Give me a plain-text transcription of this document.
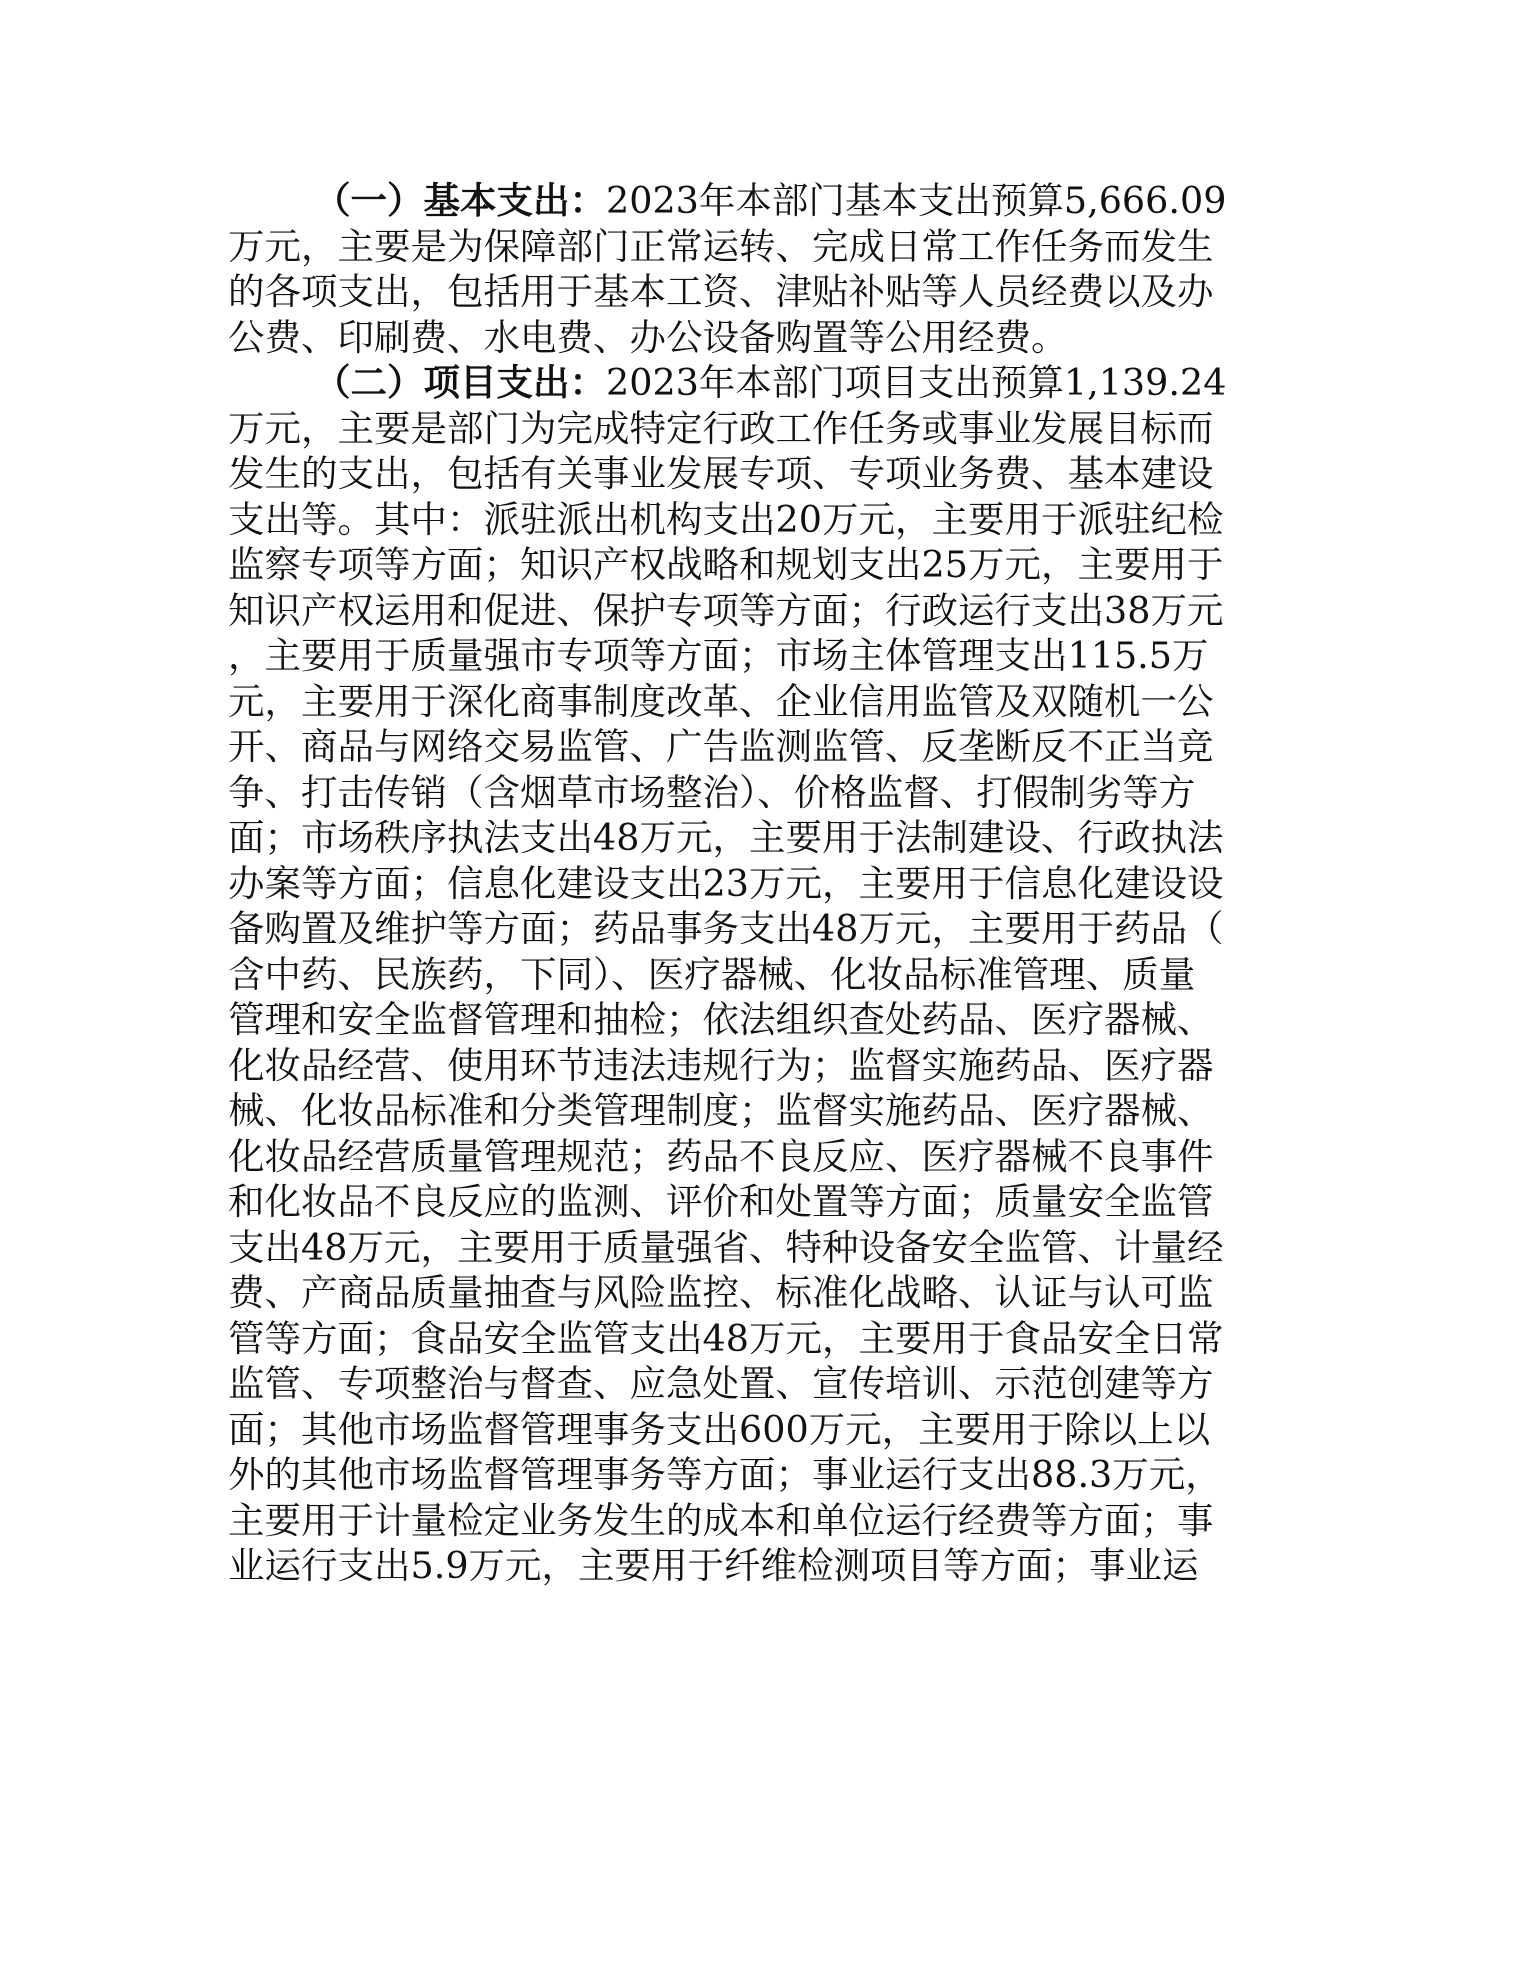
（一）基本支出：2023年本部门基本支出预算5,666.09
万元，主要是为保障部门正常运转、完成日常工作任务而发生
的各项支出，包括用于基本工资、津贴补贴等人员经费以及办
公费、印刷费、水电费、办公设备购置等公用经费。
（二）项目支出：2023年本部门项目支出预算1,139.24
万元，主要是部门为完成特定行政工作任务或事业发展目标而
发生的支出，包括有关事业发展专项、专项业务费、基本建设
支出等。其中：派驻派出机构支出20万元，主要用于派驻纪检
监察专项等方面；知识产权战略和规划支出25万元，主要用于
知识产权运用和促进、保护专项等方面；行政运行支出38万元
，主要用于质量强市专项等方面；市场主体管理支出115.5万
元，主要用于深化商事制度改革、企业信用监管及双随机一公
开、商品与网络交易监管、广告监测监管、反垄断反不正当竞
争、打击传销（含烟草市场整治）、价格监督、打假制劣等方
面；市场秩序执法支出48万元，主要用于法制建设、行政执法
办案等方面；信息化建设支出23万元，主要用于信息化建设设
备购置及维护等方面；药品事务支出48万元，主要用于药品（
含中药、民族药，下同）、医疗器械、化妆品标准管理、质量
管理和安全监督管理和抽检；依法组织查处药品、医疗器械、
化妆品经营、使用环节违法违规行为；监督实施药品、医疗器
械、化妆品标准和分类管理制度；监督实施药品、医疗器械、
化妆品经营质量管理规范；药品不良反应、医疗器械不良事件
和化妆品不良反应的监测、评价和处置等方面；质量安全监管
支出48万元，主要用于质量强省、特种设备安全监管、计量经
费、产商品质量抽查与风险监控、标准化战略、认证与认可监
管等方面；食品安全监管支出48万元，主要用于食品安全日常
监管、专项整治与督查、应急处置、宣传培训、示范创建等方
面；其他市场监督管理事务支出600万元，主要用于除以上以
外的其他市场监督管理事务等方面；事业运行支出88.3万元，
主要用于计量检定业务发生的成本和单位运行经费等方面；事
业运行支出5.9万元，主要用于纤维检测项目等方面；事业运
